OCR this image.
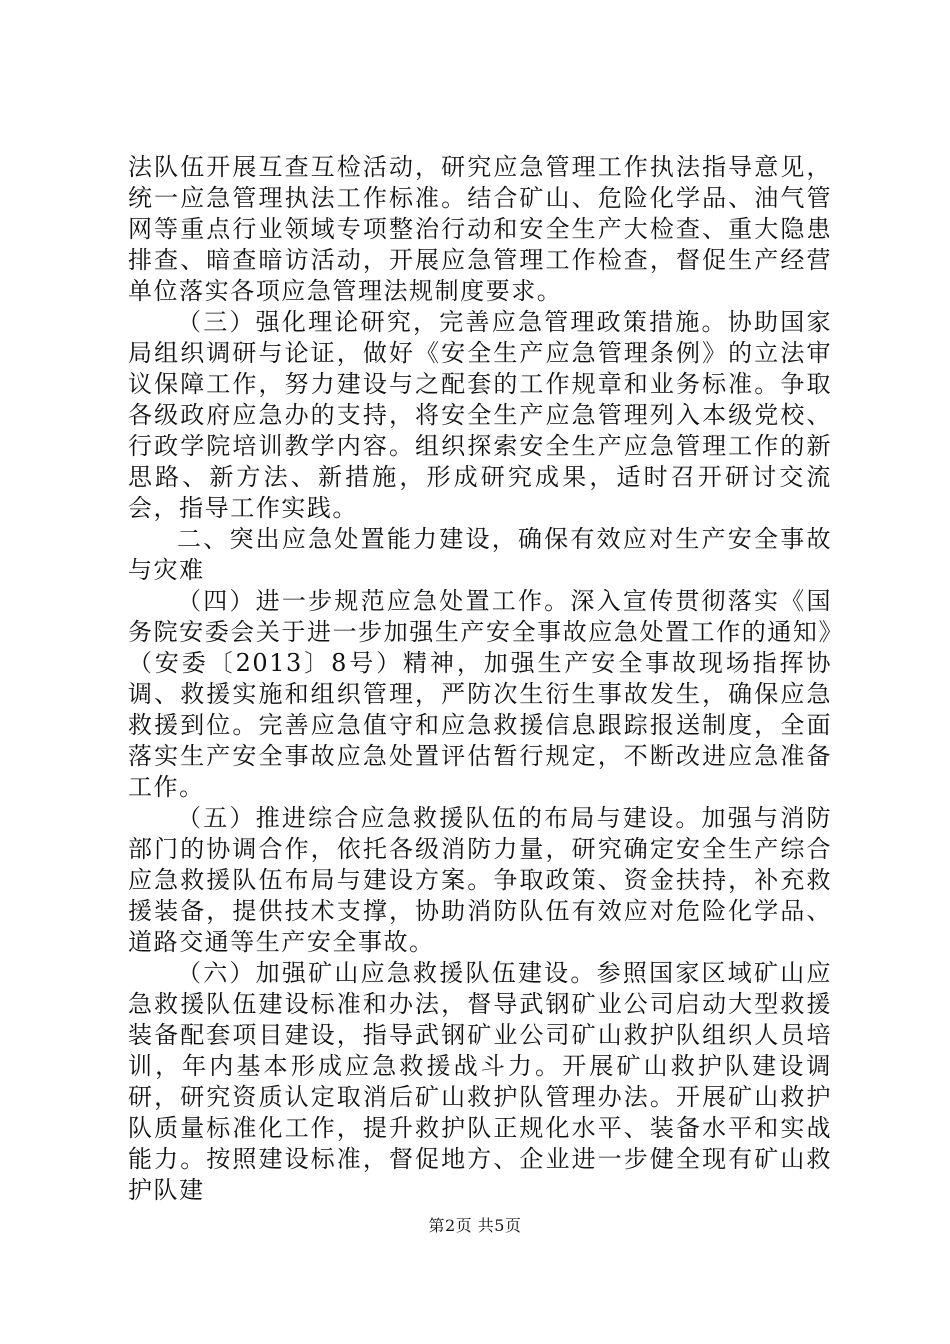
法队伍开展互查互检活动，研究应急管理工作执法指导意见，统一应急管理执法工作标准。结合矿山、危险化学品、油气管网等重点行业领域专项整治行动和安全生产大检查、重大隐患排查、暗查暗访活动，开展应急管理工作检查，督促生产经营单位落实各项应急管理法规制度要求。

（三）强化理论研究，完善应急管理政策措施。协助国家局组织调研与论证，做好《安全生产应急管理条例》的立法审议保障工作，努力建设与之配套的工作规章和业务标准。争取各级政府应急办的支持，将安全生产应急管理列入本级党校、行政学院培训教学内容。组织探索安全生产应急管理工作的新思路、新方法、新措施，形成研究成果，适时召开研讨交流会，指导工作实践。

二、突出应急处置能力建设，确保有效应对生产安全事故与灾难

（四）进一步规范应急处置工作。深入宣传贯彻落实《国务院安委会关于进一步加强生产安全事故应急处置工作的通知》（安委〔2013〕8号）精神，加强生产安全事故现场指挥协调、救援实施和组织管理，严防次生衍生事故发生，确保应急救援到位。完善应急值守和应急救援信息跟踪报送制度，全面落实生产安全事故应急处置评估暂行规定，不断改进应急准备工作。

（五）推进综合应急救援队伍的布局与建设。加强与消防部门的协调合作，依托各级消防力量，研究确定安全生产综合应急救援队伍布局与建设方案。争取政策、资金扶持，补充救援装备，提供技术支撑，协助消防队伍有效应对危险化学品、道路交通等生产安全事故。

（六）加强矿山应急救援队伍建设。参照国家区域矿山应急救援队伍建设标准和办法，督导武钢矿业公司启动大型救援装备配套项目建设，指导武钢矿业公司矿山救护队组织人员培训，年内基本形成应急救援战斗力。开展矿山救护队建设调研，研究资质认定取消后矿山救护队管理办法。开展矿山救护队质量标准化工作，提升救护队正规化水平、装备水平和实战能力。按照建设标准，督促地方、企业进一步健全现有矿山救护队建

第2页 共5页
